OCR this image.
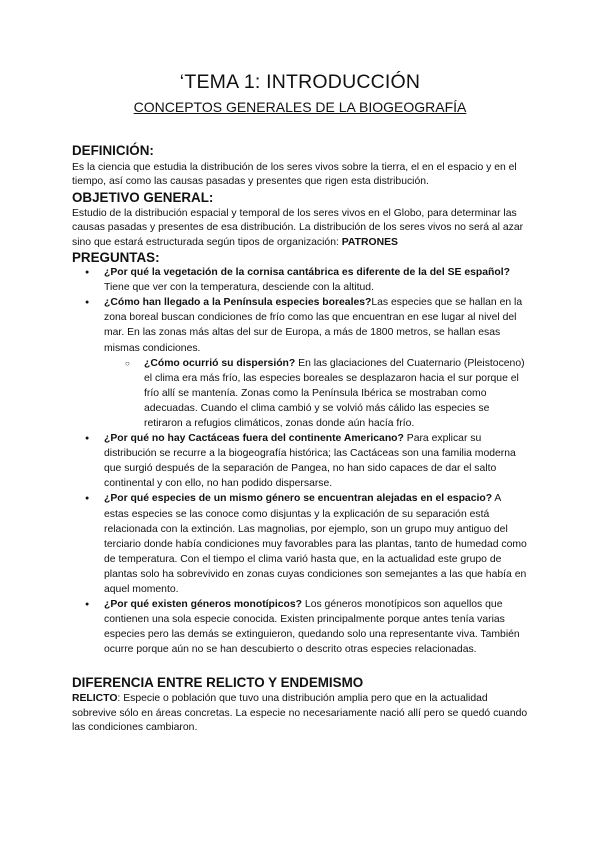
‘TEMA 1: INTRODUCCIÓN
CONCEPTOS GENERALES DE LA BIOGEOGRAFÍA

DEFINICIÓN:

Es la ciencia que estudia la distribución de los seres vivos sobre la tierra, el en el espacio y en el tiempo, así como las causas pasadas y presentes que rigen esta distribución.

OBJETIVO GENERAL:

Estudio de la distribución espacial y temporal de los seres vivos en el Globo, para determinar las causas pasadas y presentes de esa distribución. La distribución de los seres vivos no será al azar sino que estará estructurada según tipos de organización: PATRONES

PREGUNTAS:

● ¿Por qué la vegetación de la cornisa cantábrica es diferente de la del SE español? Tiene que ver con la temperatura, desciende con la altitud.
● ¿Cómo han llegado a la Península especies boreales?Las especies que se hallan en la zona boreal buscan condiciones de frío como las que encuentran en ese lugar al nivel del mar. En las zonas más altas del sur de Europa, a más de 1800 metros, se hallan esas mismas condiciones.
○ ¿Cómo ocurrió su dispersión? En las glaciaciones del Cuaternario (Pleistoceno) el clima era más frío, las especies boreales se desplazaron hacia el sur porque el frío allí se mantenía. Zonas como la Península Ibérica se mostraban como adecuadas. Cuando el clima cambió y se volvió más cálido las especies se retiraron a refugios climáticos, zonas donde aún hacía frío.
● ¿Por qué no hay Cactáceas fuera del continente Americano? Para explicar su distribución se recurre a la biogeografía histórica; las Cactáceas son una familia moderna que surgió después de la separación de Pangea, no han sido capaces de dar el salto continental y con ello, no han podido dispersarse.
● ¿Por qué especies de un mismo género se encuentran alejadas en el espacio? A estas especies se las conoce como disjuntas y la explicación de su separación está relacionada con la extinción. Las magnolias, por ejemplo, son un grupo muy antiguo del terciario donde había condiciones muy favorables para las plantas, tanto de humedad como de temperatura. Con el tiempo el clima varió hasta que, en la actualidad este grupo de plantas solo ha sobrevivido en zonas cuyas condiciones son semejantes a las que había en aquel momento.
● ¿Por qué existen géneros monotípicos? Los géneros monotípicos son aquellos que contienen una sola especie conocida. Existen principalmente porque antes tenía varias especies pero las demás se extinguieron, quedando solo una representante viva. También ocurre porque aún no se han descubierto o descrito otras especies relacionadas.

DIFERENCIA ENTRE RELICTO Y ENDEMISMO

RELICTO: Especie o población que tuvo una distribución amplia pero que en la actualidad sobrevive sólo en áreas concretas. La especie no necesariamente nació allí pero se quedó cuando las condiciones cambiaron.
